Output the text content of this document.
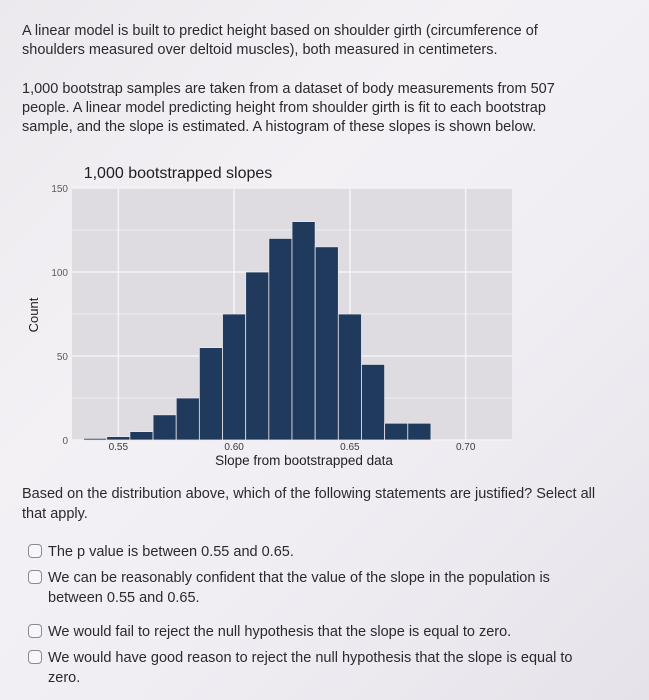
A linear model is built to predict height based on shoulder girth (circumference of shoulders measured over deltoid muscles), both measured in centimeters.

1,000 bootstrap samples are taken from a dataset of body measurements from 507 people. A linear model predicting height from shoulder girth is fit to each bootstrap sample, and the slope is estimated. A histogram of these slopes is shown below.

1,000 bootstrapped slopes
0
50
100
150
0.55	0.60	0.65	0.70
Count
Slope from bootstrapped data

Based on the distribution above, which of the following statements are justified? Select all that apply.

The p value is between 0.55 and 0.65.
We can be reasonably confident that the value of the slope in the population is between 0.55 and 0.65.
We would fail to reject the null hypothesis that the slope is equal to zero.
We would have good reason to reject the null hypothesis that the slope is equal to zero.
